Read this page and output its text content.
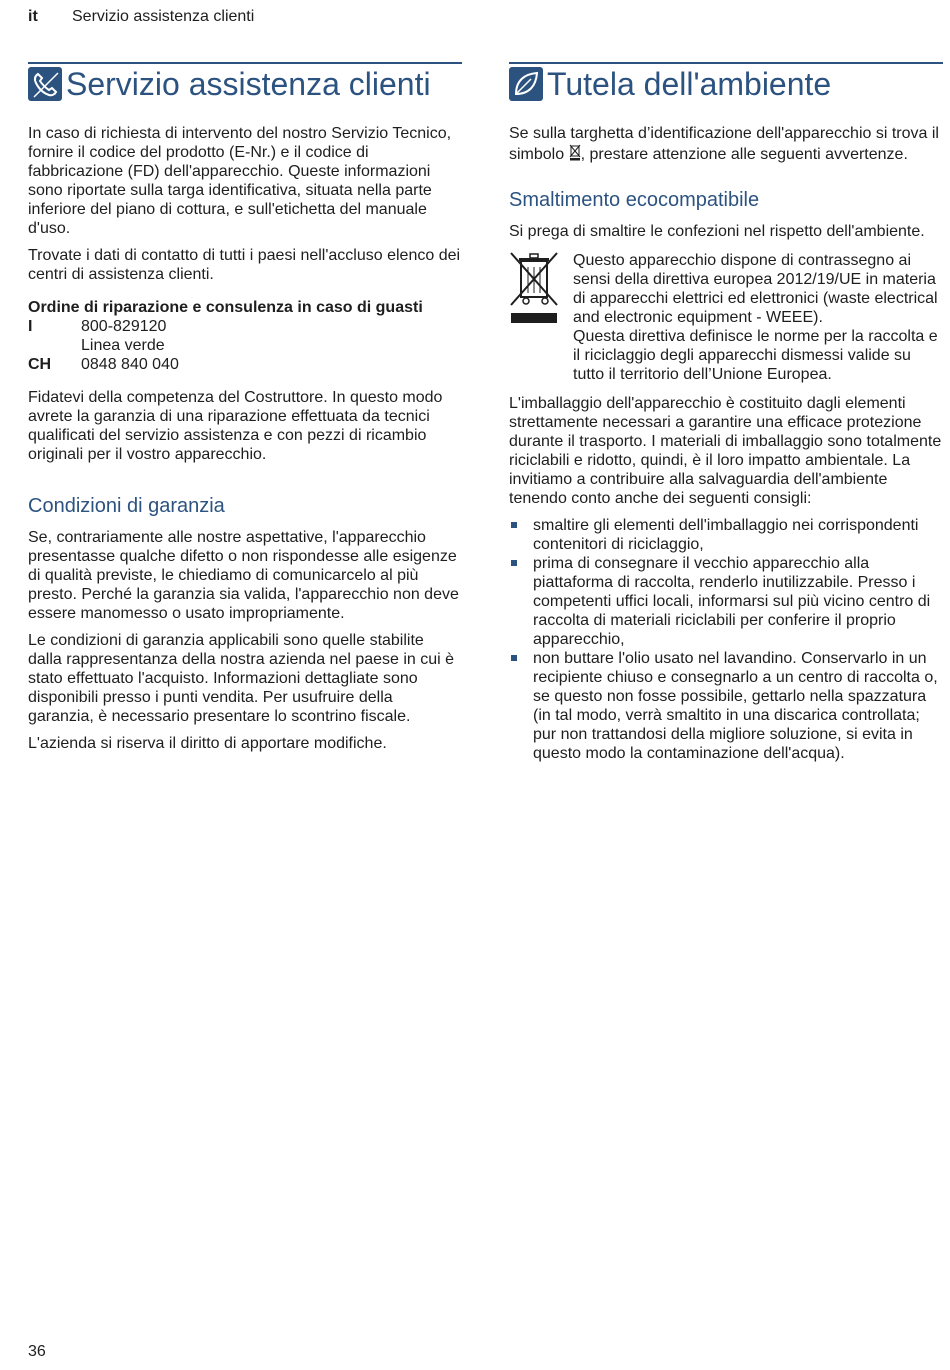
it Servizio assistenza clienti
Servizio assistenza clienti

In caso di richiesta di intervento del nostro Servizio Tecnico, fornire il codice del prodotto (E-Nr.) e il codice di fabbricazione (FD) dell'apparecchio. Queste informazioni sono riportate sulla targa identificativa, situata nella parte inferiore del piano di cottura, e sull'etichetta del manuale d'uso.

Trovate i dati di contatto di tutti i paesi nell'accluso elenco dei centri di assistenza clienti.

Ordine di riparazione e consulenza in caso di guasti
I	800-829120
Linea verde
CH	0848 840 040

Fidatevi della competenza del Costruttore. In questo modo avrete la garanzia di una riparazione effettuata da tecnici qualificati del servizio assistenza e con pezzi di ricambio originali per il vostro apparecchio.

Condizioni di garanzia

Se, contrariamente alle nostre aspettative, l'apparecchio presentasse qualche difetto o non rispondesse alle esigenze di qualità previste, le chiediamo di comunicarcelo al più presto. Perché la garanzia sia valida, l'apparecchio non deve essere manomesso o usato impropriamente.

Le condizioni di garanzia applicabili sono quelle stabilite dalla rappresentanza della nostra azienda nel paese in cui è stato effettuato l'acquisto. Informazioni dettagliate sono disponibili presso i punti vendita. Per usufruire della garanzia, è necessario presentare lo scontrino fiscale.

L'azienda si riserva il diritto di apportare modifiche.

Tutela dell'ambiente

Se sulla targhetta d’identificazione dell'apparecchio si trova il simbolo , prestare attenzione alle seguenti avvertenze.

Smaltimento ecocompatibile

Si prega di smaltire le confezioni nel rispetto dell'ambiente.

Questo apparecchio dispone di contrassegno ai sensi della direttiva europea 2012/19/UE in materia di apparecchi elettrici ed elettronici (waste electrical and electronic equipment - WEEE).
Questa direttiva definisce le norme per la raccolta e il riciclaggio degli apparecchi dismessi valide su tutto il territorio dell’Unione Europea.

L'imballaggio dell'apparecchio è costituito dagli elementi strettamente necessari a garantire una efficace protezione durante il trasporto. I materiali di imballaggio sono totalmente riciclabili e ridotto, quindi, è il loro impatto ambientale. La invitiamo a contribuire alla salvaguardia dell'ambiente tenendo conto anche dei seguenti consigli:

smaltire gli elementi dell'imballaggio nei corrispondenti contenitori di riciclaggio,
prima di consegnare il vecchio apparecchio alla piattaforma di raccolta, renderlo inutilizzabile. Presso i competenti uffici locali, informarsi sul più vicino centro di raccolta di materiali riciclabili per conferire il proprio apparecchio,
non buttare l'olio usato nel lavandino. Conservarlo in un recipiente chiuso e consegnarlo a un centro di raccolta o, se questo non fosse possibile, gettarlo nella spazzatura (in tal modo, verrà smaltito in una discarica controllata; pur non trattandosi della migliore soluzione, si evita in questo modo la contaminazione dell'acqua).
36
